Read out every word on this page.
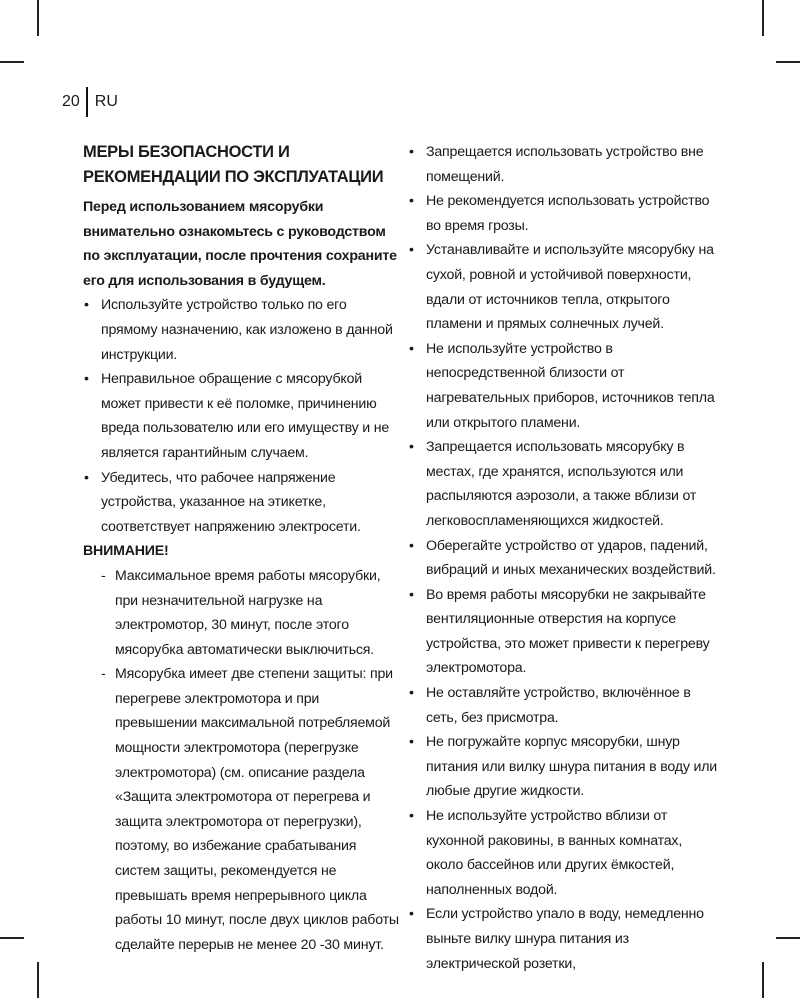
20 RU
МЕРЫ БЕЗОПАСНОСТИ И РЕКОМЕНДАЦИИ ПО ЭКСПЛУАТАЦИИ

Перед использованием мясорубки внимательно ознакомьтесь с руководством по эксплуатации, после прочтения сохраните его для использования в будущем.

• Используйте устройство только по его прямому назначению, как изложено в данной инструкции.
• Неправильное обращение с мясорубкой может привести к её поломке, причинению вреда пользователю или его имуществу и не является гарантийным случаем.
• Убедитесь, что рабочее напряжение устройства, указанное на этикетке, соответствует напряжению электросети.

ВНИМАНИЕ!

- Максимальное время работы мясорубки, при незначительной нагрузке на электромотор, 30 минут, после этого мясорубка автоматически выключиться.
- Мясорубка имеет две степени защиты: при перегреве электромотора и при превышении максимальной потребляемой мощности электромотора (перегрузке электромотора) (см. описание раздела «Защита электромотора от перегрева и защита электромотора от перегрузки), поэтому, во избежание срабатывания систем защиты, рекомендуется не превышать время непрерывного цикла работы 10 минут, после двух циклов работы сделайте перерыв не менее 20 -30 минут.
• Запрещается использовать устройство вне помещений.
• Не рекомендуется использовать устройство во время грозы.
• Устанавливайте и используйте мясорубку на сухой, ровной и устойчивой поверхности, вдали от источников тепла, открытого пламени и прямых солнечных лучей.
• Не используйте устройство в непосредственной близости от нагревательных приборов, источников тепла или открытого пламени.
• Запрещается использовать мясорубку в местах, где хранятся, используются или распыляются аэрозоли, а также вблизи от легковоспламеняющихся жидкостей.
• Оберегайте устройство от ударов, падений, вибраций и иных механических воздействий.
• Во время работы мясорубки не закрывайте вентиляционные отверстия на корпусе устройства, это может привести к перегреву электромотора.
• Не оставляйте устройство, включённое в сеть, без присмотра.
• Не погружайте корпус мясорубки, шнур питания или вилку шнура питания в воду или любые другие жидкости.
• Не используйте устройство вблизи от кухонной раковины, в ванных комнатах, около бассейнов или других ёмкостей, наполненных водой.
• Если устройство упало в воду, немедленно выньте вилку шнура питания из электрической розетки,
